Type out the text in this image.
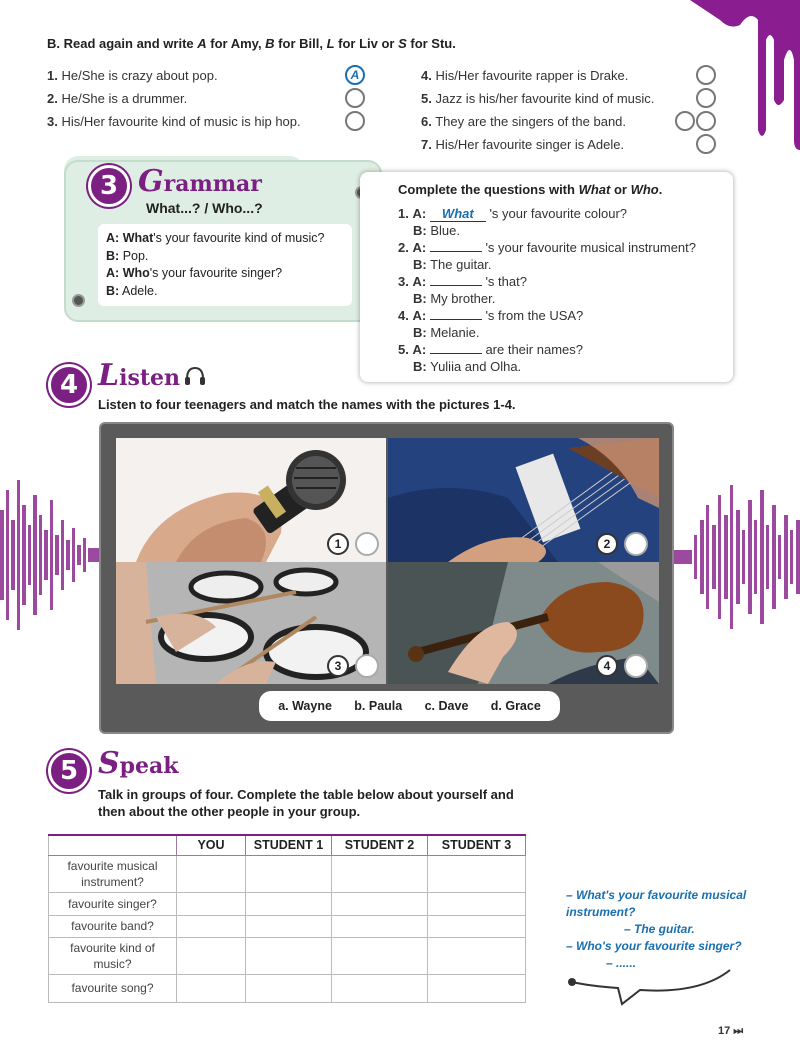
B. Read again and write A for Amy, B for Bill, L for Liv or S for Stu.
1. He/She is crazy about pop.
2. He/She is a drummer.
3. His/Her favourite kind of music is hip hop.
A	4. His/Her favourite rapper is Drake.
5. Jazz is his/her favourite kind of music.
6. They are the singers of the band.
7. His/Her favourite singer is Adele.
3 Grammar
What...? / Who...?
A: What's your favourite kind of music?
B: Pop.
A: Who's your favourite singer?
B: Adele.
Complete the questions with What or Who.
1. A: What 's your favourite colour?
B: Blue.
2. A:	's your favourite musical instrument?
B: The guitar.
3. A:	's that?
B: My brother.
4. A:	's from the USA?
B: Melanie.
5. A:	are their names?
B: Yuliia and Olha.
4 Listen
Listen to four teenagers and match the names with the pictures 1-4.
1	2
3	4
a. Wayne b. Paula c. Dave d. Grace
5 Speak
Talk in groups of four. Complete the table below about yourself and
then about the other people in your group.
	YOU	STUDENT 1	STUDENT 2	STUDENT 3
favourite musical instrument?				
favourite singer?				
favourite band?				
favourite kind of music?				
favourite song?				
– What's your favourite musical
instrument?
– The guitar.
– Who's your favourite singer?
– ......
17 ⏭
